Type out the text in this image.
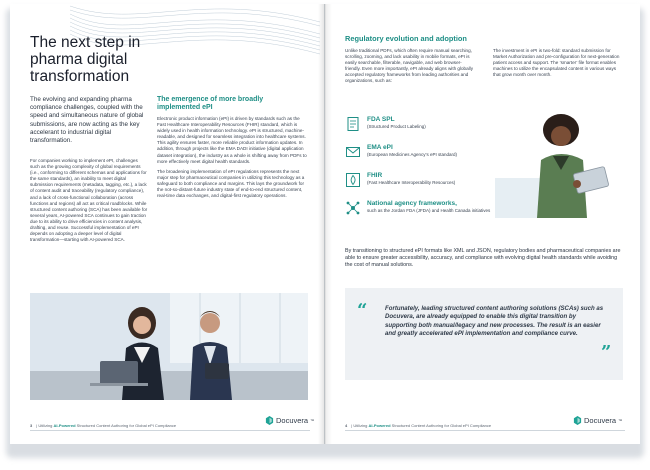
The next step in pharma digital transformation
The evolving and expanding pharma compliance challenges, coupled with the speed and simultaneous nature of global submissions, are now acting as the key accelerant to industrial digital transformation.
For companies working to implement ePI, challenges such as the growing complexity of global requirements (i.e., conforming to different schemas and applications for the same standards), an inability to meet digital submission requirements (metadata, tagging, etc.), a lack of content audit and traceability (regulatory compliance), and a lack of cross-functional collaboration (across functions and regions) all act as critical roadblocks. While structured content authoring (SCA) has been available for several years, AI-powered SCA continues to gain traction due to its ability to drive efficiencies in content analysis, drafting, and reuse. Successful implementation of ePI depends on adopting a deeper level of digital transformation—starting with AI-powered SCA.
The emergence of more broadly implemented ePI

Electronic product information (ePI) is driven by standards such as the Fast Healthcare Interoperability Resources (FHIR) standard, which is widely used in health information technology. ePI is structured, machine-readable, and designed for seamless integration into healthcare systems. This agility ensures faster, more reliable product information updates. In addition, through projects like the EMA DADI initiative (digital application dataset integration), the industry as a whole is shifting away from PDFs to more effectively meet digital health standards.

The broadening implementation of ePI regulations represents the next major step for pharmaceutical companies in utilizing this technology as a safeguard to both compliance and margins. This lays the groundwork for the not-so-distant-future industry state of end-to-end structured content, real-time data exchanges, and digital-first regulatory operations.

3 | Utilizing AI-Powered Structured Content Authoring for Global ePI Compliance
Docuvera ™
Regulatory evolution and adoption
Unlike traditional PDFs, which often require manual searching, scrolling, zooming, and lack usability in mobile formats, ePI is easily searchable, filterable, navigable, and web browser-friendly. Even more importantly, ePI already aligns with globally accepted regulatory frameworks from leading authorities and organizations, such as:
The investment in ePI is two-fold: standard submission for Market Authorization and pre-configuration for next-generation patient access and support. The ‘smarter’ file format enables machines to utilize the encapsulated content in various ways that grow month over month.
FDA SPL
(Structured Product Labeling)
EMA ePI
(European Medicines Agency’s ePI standard)
FHIR
(Fast Healthcare Interoperability Resources)
National agency frameworks,
such as the Jordan FDA (JFDA) and Health Canada initiatives
By transitioning to structured ePI formats like XML and JSON, regulatory bodies and pharmaceutical companies are able to ensure greater accessibility, accuracy, and compliance with evolving digital health standards while avoiding the cost of manual solutions.
“	Fortunately, leading structured content authoring solutions (SCAs) such as Docuvera, are already equipped to enable this digital transition by supporting both manual/legacy and new processes. The result is an easier and greatly accelerated ePI implementation and compliance curve.
”
4 | Utilizing AI-Powered Structured Content Authoring for Global ePI Compliance
Docuvera ™
